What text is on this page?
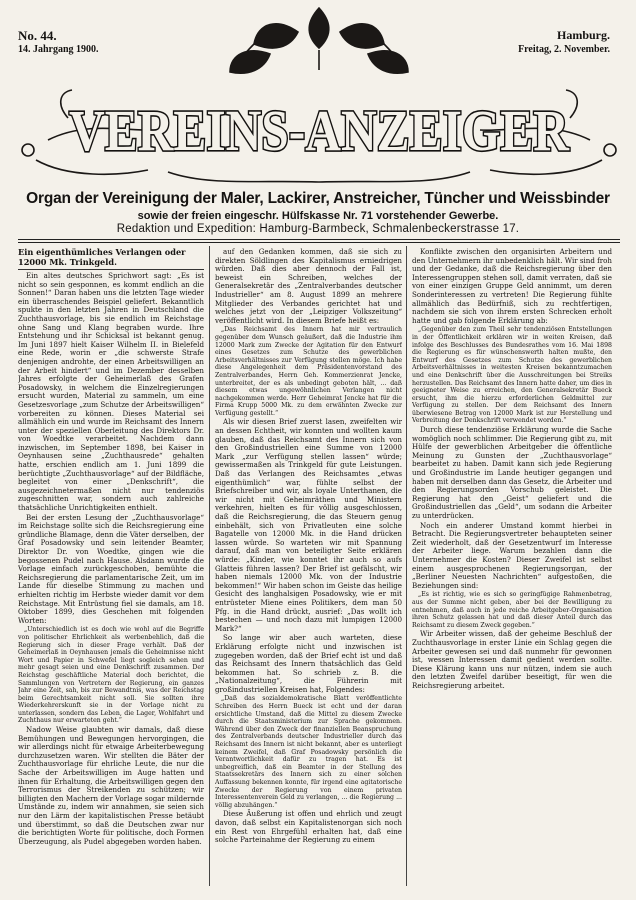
No. 44.
14. Jahrgang 1900.
Hamburg.
Freitag, 2. November.
VEREINS-ANZEIGER
Organ der Vereinigung der Maler, Lackirer, Anstreicher, Tüncher und Weissbinder
sowie der freien eingeschr. Hülfskasse Nr. 71 vorstehender Gewerbe.
Redaktion und Expedition: Hamburg-Barmbeck, Schmalenbeckerstrasse 17.
Ein eigenthümliches Verlangen oder 12000 Mk. Trinkgeld.

Ein altes deutsches Sprichwort sagt: „Es ist nicht so sein gesponnen, es kommt endlich an die Sonnen!“ Daran haben uns die letzten Tage wieder ein überraschendes Beispiel geliefert. Bekanntlich spukte in den letzten Jahren in Deutschland die Zuchthausvorlage, bis sie endlich im Reichstage ohne Sang und Klang begraben wurde. Ihre Entstehung und ihr Schicksal ist bekannt genug. Im Juni 1897 hielt Kaiser Wilhelm II. in Bielefeld eine Rede, worin er „die schwerste Strafe denjenigen androhte, der einen Arbeitswilligen an der Arbeit hindert“ und im Dezember desselben Jahres erfolgte der Geheimerlaß des Grafen Posadowsky, in welchem die Einzelregierungen ersucht wurden, Material zu sammeln, um eine Gesetzesvorlage „zum Schutze der Arbeitswilligen“ vorbereiten zu können. Dieses Material sei allmählich ein und wurde im Reichsamt des Innern unter der speziellen Oberleitung des Direktors Dr. von Woedtke verarbeitet. Nachdem dann inzwischen, im September 1898, bei Kaiser in Oeynhausen seine „Zuchthausrede“ gehalten hatte, erschien endlich am 1. Juni 1899 die berüchtigte „Zuchthausvorlage“ auf der Bildfläche, begleitet von einer „Denkschrift“, die ausgezeichnetermaßen nicht nur tendenziös zugeschnitten war, sondern auch zahlreiche thatsächliche Unrichtigkeiten enthielt.

Bei der ersten Lesung der „Zuchthausvorlage“ im Reichstage sollte sich die Reichsregierung eine gründliche Blamage, denn die Väter derselben, der Graf Posadowsky und sein leitender Beamter, Direktor Dr. von Woedtke, gingen wie die begossenen Pudel nach Hause. Alsdann wurde die Vorlage einfach zurückgeschoben, bemühte die Reichsregierung die parlamentarische Zeit, um im Lande für dieselbe Stimmung zu machen und erhielten richtig im Herbste wieder damit vor dem Reichstage. Mit Entrüstung fiel sie damals, am 18. Oktober 1899, dies Geschehen mit folgenden Worten:

„Unterschiedlich ist es doch wie wohl auf die Begriffe von politischer Ehrlichkeit als werbenbehlich, daß die Regierung sich in dieser Frage verhält. Daß der Geheimerlaß in Oeynhausen jemals die Geheimnisse nicht Wort und Papier in Schwefel liegt sogleich sehen und mehr gesagt seien und eine Denkschrift zusammen. Der Reichstag geschäftliche Material doch berichtet, die Sammlungen von Vertretern der Regierung, ein ganzes Jahr eine Zeit, sah, bis zur Bewandtnis, was der Reichstag beim Gerechtsamkeit nicht soll. Sie sollten ihre Wiederkehrerskunft sie in der Vorlage nicht zu unterlassen, sondern das Leben, die Lager, Wohlfahrt und Zuchthaus nur erwarteten geht.“

Nadow Weise glaubten wir damals, daß diese Bemühungen und Bewegungen hervorgingen, die wir allerdings nicht für etwaige Arbeiterbewegung durchzusetzen waren. Wir stellten die Bäter der Zuchthausvorlage für ehrliche Leute, die nur die Sache der Arbeitswilligen im Auge hatten und ihnen für Erhaltung, die Arbeitswilligen gegen den Terrorismus der Streikenden zu schützen; wir billigten den Machern der Vorlage sogar mildernde Umstände zu, indem wir annahmen, sie seien sich nur den Lärm der kapitalistischen Presse betäubt und überstimmt, so daß die Deutschen zwar nur die berichtigten Worte für politische, doch Formen Überzeugung, als Pudel abgegeben worden haben.

auf den Gedanken kommen, daß sie sich zu direkten Söldlingen des Kapitalismus erniedrigen würden. Daß dies aber dennoch der Fall ist, beweist ein Schreiben, welches der Generalsekretär des „Zentralverbandes deutscher Industrieller“ am 8. August 1899 an mehrere Mitglieder des Verbandes gerichtet hat und welches jetzt von der „Leipziger Volkszeitung“ veröffentlicht wird. In diesem Briefe heißt es:

„Das Reichsamt des Innern hat mir vertraulich gegenüber dem Wunsch geäußert, daß die Industrie ihm 12000 Mark zum Zwecke der Agitation für den Entwurf eines Gesetzes zum Schutze des gewerblichen Arbeitsverhältnisses zur Verfügung stellen möge. Ich habe diese Angelegenheit dem Präsidentenvorstand des Zentralverbandes, Herrn Geh. Kommerzienrat Jencke, unterbreitet, der es als unbedingt geboten hält, ... daß diesem etwas ungewöhnlichen Verlangen nicht nachgekommen werde. Herr Geheimrat Jencke hat für die Firma Krupp 5000 Mk. zu dem erwähnten Zwecke zur Verfügung gestellt.“

Als wir diesen Brief zuerst lasen, zweifelten wir an dessen Echtheit, wir konnten und wollten kaum glauben, daß das Reichsamt des Innern sich von den Großindustriellen eine Summe von 12000 Mark „zur Verfügung stellen lassen“ würde; gewissermaßen als Trinkgeld für gute Leistungen. Daß das Verlangen des Reichsamtes „etwas eigenthümlich“ war, fühlte selbst der Briefschreiber und wir, als loyale Unterthanen, die wir nicht mit Geheimräthen und Ministern verkehren, hielten es für völlig ausgeschlossen, daß die Reichsregierung, die das Steuern genug einbehält, sich von Privatleuten eine solche Bagatelle von 12000 Mk. in die Hand drücken lassen würde. So warteten wir mit Spannung darauf, daß man von beteiligter Seite erklären würde: „Kinder, wie konntet ihr auch so aufs Glatteis führen lassen? Der Brief ist gefälscht, wir haben niemals 12000 Mk. von der Industrie bekommen!“ Wir haben schon im Geiste das heilige Gesicht des langhalsigen Posadowsky, wie er mit entrüsteter Miene eines Politikers, dem man 50 Pfg. in die Hand drückt, ausrief: „Das wollt ich bestechen — und noch dazu mit lumpigen 12000 Mark?“

So lange wir aber auch warteten, diese Erklärung erfolgte nicht und inzwischen ist zugegeben worden, daß der Brief echt ist und daß das Reichsamt des Innern thatsächlich das Geld bekommen hat. So schrieb z. B. die „Nationalzeitung“, die Führerin mit großindustriellen Kreisen hat, Folgendes:

„Daß das sozialdemokratische Blatt veröffentlichte Schreiben des Herrn Bueck ist echt und der daran ersichtliche Umstand, daß die Mittel zu diesem Zwecke durch die Staatsministerium zur Sprache gekommen. Während über den Zweck der finanziellen Beanspruchung des Zentralverbands deutscher Industrieller durch das Reichsamt des Innern ist nicht bekannt, aber es unterliegt keinem Zweifel, daß Graf Posadowsky persönlich die Verantwortlichkeit dafür zu tragen hat. Es ist unbegreiflich, daß ein Beamter in der Stellung des Staatssekretärs des Innern sich zu einer solchen Auffassung bekennen konnte, für irgend eine agitatorische Zwecke der Regierung von einem privaten Interessentenverein Geld zu verlangen, ... die Regierung ... völlig abzuhängen.“

Diese Äußerung ist offen und ehrlich und zeugt davon, daß selbst ein Kapitalistenorgan sich noch ein Rest von Ehrgefühl erhalten hat, daß eine solche Parteinahme der Regierung zu einem

Konflikte zwischen den organisirten Arbeitern und den Unternehmern ihr unbedenklich hält. Wir sind froh und der Gedanke, daß die Reichsregierung über den Interessengruppen stehen soll, damit verraten, daß sie von einer einzigen Gruppe Geld annimmt, um deren Sonderinteressen zu vertreten! Die Regierung fühlte allmählich das Bedürfniß, sich zu rechtfertigen, nachdem sie sich von ihrem ersten Schrecken erholt hatte und gab folgende Erklärung ab:

„Gegenüber den zum Theil sehr tendenziösen Entstellungen in der Öffentlichkeit erklären wir in weiten Kreisen, daß infolge des Beschlusses des Bundesrathes vom 16. Mai 1898 die Regierung es für wünschenswerth halten mußte, den Entwurf des Gesetzes zum Schutze des gewerblichen Arbeitsverhältnisses in weitesten Kreisen bekanntzumachen und eine Denkschrift über die Ausschreitungen bei Streiks herzustellen. Das Reichsamt des Innern hatte daher, um dies in geeigneter Weise zu erreichen, den Generalsekretär Bueck ersucht, ihm die hierzu erforderlichen Geldmittel zur Verfügung zu stellen. Der dem Reichsamt des Innern überwiesene Betrag von 12000 Mark ist zur Herstellung und Verbreitung der Denkschrift verwendet worden.“

Durch diese tendenziöse Erklärung wurde die Sache womöglich noch schlimmer. Die Regierung gibt zu, mit Hülfe der gewerblichen Arbeitgeber die öffentliche Meinung zu Gunsten der „Zuchthausvorlage“ bearbeitet zu haben. Damit kann sich jede Regierung und Großindustrie im Lande heutiger gegangen und haben mit derselben dann das Gesetz, die Arbeiter und den Regierungsorden Vorschub geleistet. Die Regierung hat den „Geist“ geliefert und die Großindustriellen das „Geld“, um sodann die Arbeiter zu unterdrücken.

Noch ein anderer Umstand kommt hierbei in Betracht. Die Regierungsvertreter behaupteten seiner Zeit wiederholt, daß der Gesetzentwurf im Interesse der Arbeiter liege. Warum bezahlen dann die Unternehmer die Kosten? Dieser Zweifel ist selbst einem ausgesprochenen Regierungsorgan, der „Berliner Neuesten Nachrichten“ aufgestoßen, die Beziehungen sind:

„Es ist richtig, wie es sich so geringfügige Rahmenbetrag, aus der Summe nicht geben, aber bei der Bewilligung zu entnehmen, daß auch in jede reiche Arbeitgeber-Organisation ihren Schutz gelassen hat und daß dieser Anteil durch das Reichsamt zu diesem Zweck gegeben.“

Wir Arbeiter wissen, daß der geheime Beschluß der Zuchthausvorlage in erster Linie ein Schlag gegen die Arbeiter gewesen sei und daß nunmehr für gewonnen ist, wessen Interessen damit gedient werden sollte. Diese Klärung kann uns nur nützen, indem sie auch den letzten Zweifel darüber beseitigt, für wen die Reichsregierung arbeitet.
